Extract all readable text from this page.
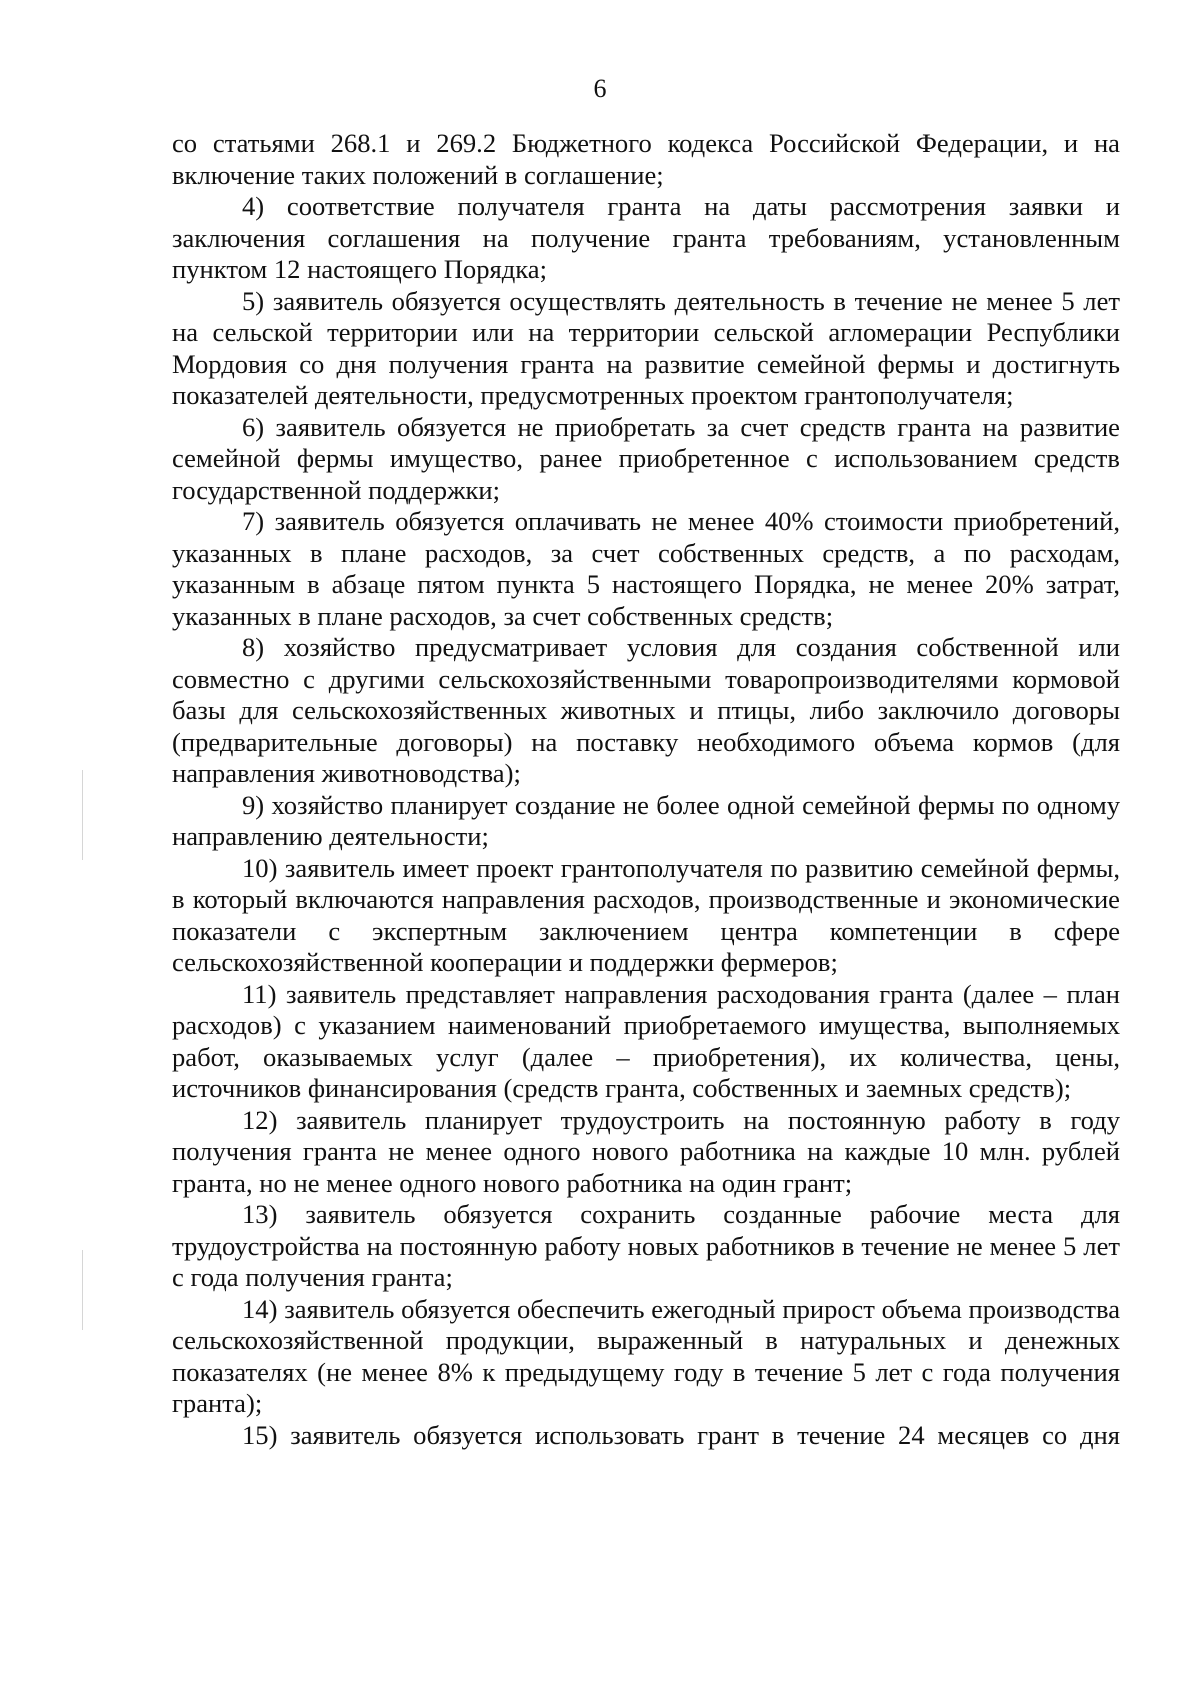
6

со статьями 268.1 и 269.2 Бюджетного кодекса Российской Федерации, и на включение таких положений в соглашение;

4) соответствие получателя гранта на даты рассмотрения заявки и заключения соглашения на получение гранта требованиям, установленным пунктом 12 настоящего Порядка;

5) заявитель обязуется осуществлять деятельность в течение не менее 5 лет на сельской территории или на территории сельской агломерации Республики Мордовия со дня получения гранта на развитие семейной фермы и достигнуть показателей деятельности, предусмотренных проектом грантополучателя;

6) заявитель обязуется не приобретать за счет средств гранта на развитие семейной фермы имущество, ранее приобретенное с использованием средств государственной поддержки;

7) заявитель обязуется оплачивать не менее 40% стоимости приобретений, указанных в плане расходов, за счет собственных средств, а по расходам, указанным в абзаце пятом пункта 5 настоящего Порядка, не менее 20% затрат, указанных в плане расходов, за счет собственных средств;

8) хозяйство предусматривает условия для создания собственной или совместно с другими сельскохозяйственными товаропроизводителями кормовой базы для сельскохозяйственных животных и птицы, либо заключило договоры (предварительные договоры) на поставку необходимого объема кормов (для направления животноводства);

9) хозяйство планирует создание не более одной семейной фермы по одному направлению деятельности;

10) заявитель имеет проект грантополучателя по развитию семейной фермы, в который включаются направления расходов, производственные и экономические показатели с экспертным заключением центра компетенции в сфере сельскохозяйственной кооперации и поддержки фермеров;

11) заявитель представляет направления расходования гранта (далее – план расходов) с указанием наименований приобретаемого имущества, выполняемых работ, оказываемых услуг (далее – приобретения), их количества, цены, источников финансирования (средств гранта, собственных и заемных средств);

12) заявитель планирует трудоустроить на постоянную работу в году получения гранта не менее одного нового работника на каждые 10 млн. рублей гранта, но не менее одного нового работника на один грант;

13) заявитель обязуется сохранить созданные рабочие места для трудоустройства на постоянную работу новых работников в течение не менее 5 лет с года получения гранта;

14) заявитель обязуется обеспечить ежегодный прирост объема производства сельскохозяйственной продукции, выраженный в натуральных и денежных показателях (не менее 8% к предыдущему году в течение 5 лет с года получения гранта);

15) заявитель обязуется использовать грант в течение 24 месяцев со дня
